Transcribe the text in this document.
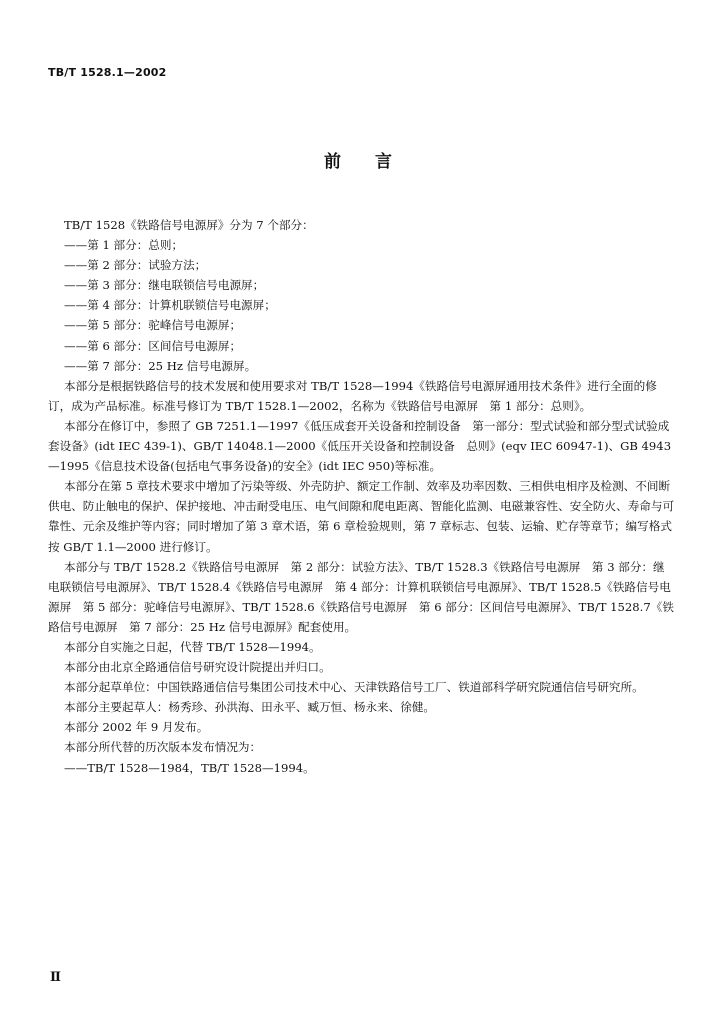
TB/T 1528.1—2002
前言

TB/T 1528《铁路信号电源屏》分为 7 个部分：

——第 1 部分：总则；

——第 2 部分：试验方法；

——第 3 部分：继电联锁信号电源屏；

——第 4 部分：计算机联锁信号电源屏；

——第 5 部分：驼峰信号电源屏；

——第 6 部分：区间信号电源屏；

——第 7 部分：25 Hz 信号电源屏。

本部分是根据铁路信号的技术发展和使用要求对 TB/T 1528—1994《铁路信号电源屏通用技术条件》进行全面的修订，成为产品标准。标准号修订为 TB/T 1528.1—2002，名称为《铁路信号电源屏　第 1 部分：总则》。

本部分在修订中，参照了 GB 7251.1—1997《低压成套开关设备和控制设备　第一部分：型式试验和部分型式试验成套设备》(idt IEC 439-1)、GB/T 14048.1—2000《低压开关设备和控制设备　总则》(eqv IEC 60947-1)、GB 4943—1995《信息技术设备(包括电气事务设备)的安全》(idt IEC 950)等标准。

本部分在第 5 章技术要求中增加了污染等级、外壳防护、额定工作制、效率及功率因数、三相供电相序及检测、不间断供电、防止触电的保护、保护接地、冲击耐受电压、电气间隙和爬电距离、智能化监测、电磁兼容性、安全防火、寿命与可靠性、元余及维护等内容；同时增加了第 3 章术语，第 6 章检验规则，第 7 章标志、包装、运输、贮存等章节；编写格式按 GB/T 1.1—2000 进行修订。

本部分与 TB/T 1528.2《铁路信号电源屏　第 2 部分：试验方法》、TB/T 1528.3《铁路信号电源屏　第 3 部分：继电联锁信号电源屏》、TB/T 1528.4《铁路信号电源屏　第 4 部分：计算机联锁信号电源屏》、TB/T 1528.5《铁路信号电源屏　第 5 部分：驼峰信号电源屏》、TB/T 1528.6《铁路信号电源屏　第 6 部分：区间信号电源屏》、TB/T 1528.7《铁路信号电源屏　第 7 部分：25 Hz 信号电源屏》配套使用。

本部分自实施之日起，代替 TB/T 1528—1994。

本部分由北京全路通信信号研究设计院提出并归口。

本部分起草单位：中国铁路通信信号集团公司技术中心、天津铁路信号工厂、铁道部科学研究院通信信号研究所。

本部分主要起草人：杨秀珍、孙洪海、田永平、臧万恒、杨永来、徐健。

本部分 2002 年 9 月发布。

本部分所代替的历次版本发布情况为：

——TB/T 1528—1984，TB/T 1528—1994。

Ⅱ
